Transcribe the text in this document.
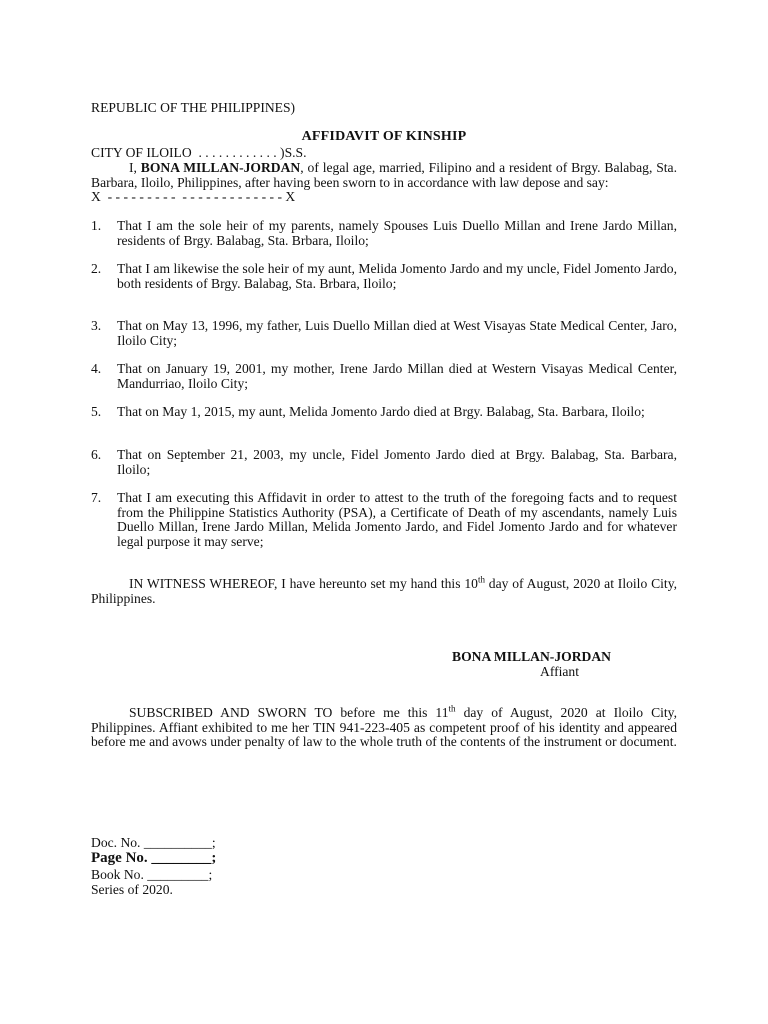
REPUBLIC OF THE PHILIPPINES)

CITY OF ILOILO  . . . . . . . . . . . . )S.S.

X  - - - - - - - - -  - - - - - - - - - - - - - X

AFFIDAVIT OF KINSHIP
I, BONA MILLAN-JORDAN, of legal age, married, Filipino and a resident of Brgy. Balabag, Sta. Barbara, Iloilo, Philippines, after having been sworn to in accordance with law depose and say:
1.	That I am the sole heir of my parents, namely Spouses Luis Duello Millan and Irene Jardo Millan, residents of Brgy. Balabag, Sta. Brbara, Iloilo;
2.	That I am likewise the sole heir of my aunt, Melida Jomento Jardo and my uncle, Fidel Jomento Jardo, both residents of Brgy. Balabag, Sta. Brbara, Iloilo;
3.	That on May 13, 1996, my father, Luis Duello Millan died at West Visayas State Medical Center, Jaro, Iloilo City;
4.	That on January 19, 2001, my mother, Irene Jardo Millan died at Western Visayas Medical Center, Mandurriao, Iloilo City;
5.	That on May 1, 2015, my aunt, Melida Jomento Jardo died at Brgy. Balabag, Sta. Barbara, Iloilo;
6.	That on September 21, 2003, my uncle, Fidel Jomento Jardo died at Brgy. Balabag, Sta. Barbara, Iloilo;
7.	That I am executing this Affidavit in order to attest to the truth of the foregoing facts and to request from the Philippine Statistics Authority (PSA), a Certificate of Death of my ascendants, namely Luis Duello Millan, Irene Jardo Millan, Melida Jomento Jardo, and Fidel Jomento Jardo and for whatever legal purpose it may serve;
IN WITNESS WHEREOF, I have hereunto set my hand this 10th day of August, 2020 at Iloilo City, Philippines.
BONA MILLAN-JORDAN
Affiant
SUBSCRIBED AND SWORN TO before me this 11th day of August, 2020 at Iloilo City, Philippines. Affiant exhibited to me her TIN 941-223-405 as competent proof of his identity and appeared before me and avows under penalty of law to the whole truth of the contents of the instrument or document.
Doc. No. __________;
Page No. ________;
Book No. _________;
Series of 2020.
